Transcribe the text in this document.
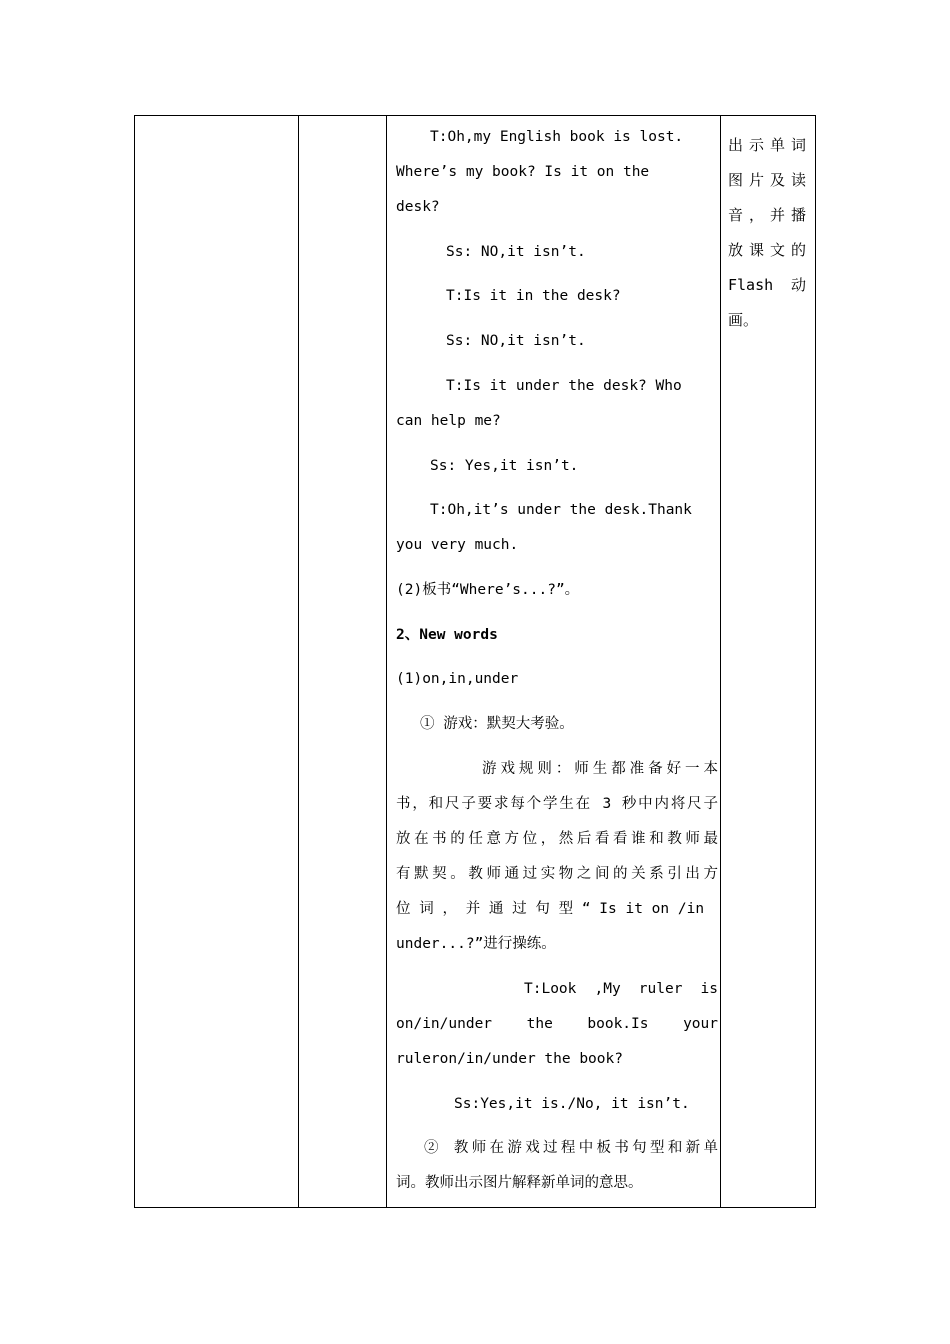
T:Oh,my English book is lost.
Where’s my book? Is it on the
desk?
Ss: NO,it isn’t.
T:Is it in the desk?
Ss: NO,it isn’t.
T:Is it under the desk? Who
can help me?
Ss: Yes,it isn’t.
T:Oh,it’s under the desk.Thank
you very much.
(2)板书“Where’s...?”。
2、New words
(1)on,in,under
① 游戏：默契大考验。
游戏规则：师生都准备好一本
书，和尺子要求每个学生在 3 秒中内将尺子
放在书的任意方位，然后看看谁和教师最
有默契。教师通过实物之间的关系引出方
位 词 ， 并 通 过 句 型 “ Is it on /in
under...?”进行操练。
T:Look ,My ruler is
on/in/under the book.Is your
ruleron/in/under the book?
Ss:Yes,it is./No, it isn’t.
② 教师在游戏过程中板书句型和新单
词。教师出示图片解释新单词的意思。
出示单词
图片及读
音，并播
放课文的
Flash 动
画。
